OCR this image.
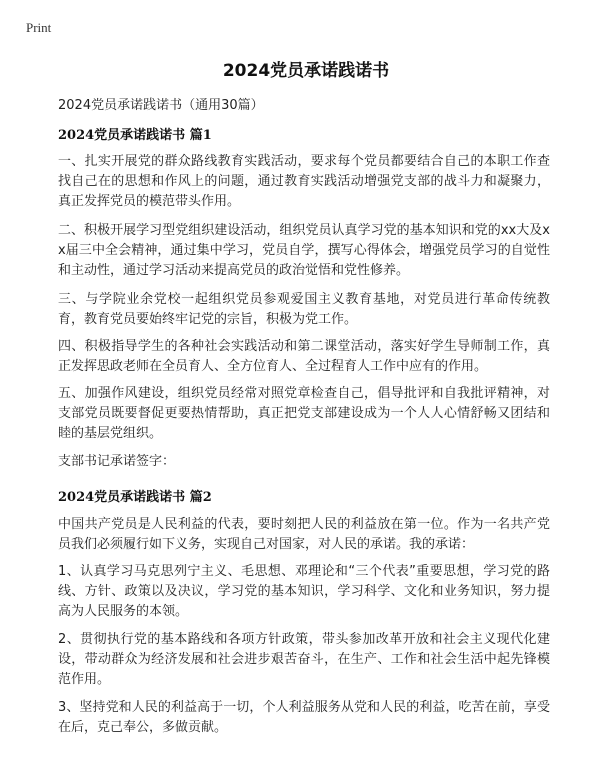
Print
2024党员承诺践诺书

2024党员承诺践诺书（通用30篇）

2024党员承诺践诺书 篇1

一、扎实开展党的群众路线教育实践活动，要求每个党员都要结合自己的本职工作查找自己在的思想和作风上的问题，通过教育实践活动增强党支部的战斗力和凝聚力，真正发挥党员的模范带头作用。

二、积极开展学习型党组织建设活动，组织党员认真学习党的基本知识和党的xx大及xx届三中全会精神，通过集中学习，党员自学，撰写心得体会，增强党员学习的自觉性和主动性，通过学习活动来提高党员的政治觉悟和党性修养。

三、与学院业余党校一起组织党员参观爱国主义教育基地，对党员进行革命传统教育，教育党员要始终牢记党的宗旨，积极为党工作。

四、积极指导学生的各种社会实践活动和第二课堂活动，落实好学生导师制工作，真正发挥思政老师在全员育人、全方位育人、全过程育人工作中应有的作用。

五、加强作风建设，组织党员经常对照党章检查自己，倡导批评和自我批评精神，对支部党员既要督促更要热情帮助，真正把党支部建设成为一个人人心情舒畅又团结和睦的基层党组织。

支部书记承诺签字：

2024党员承诺践诺书 篇2

中国共产党员是人民利益的代表，要时刻把人民的利益放在第一位。作为一名共产党员我们必须履行如下义务，实现自己对国家，对人民的承诺。我的承诺：

1、认真学习马克思列宁主义、毛思想、邓理论和“三个代表”重要思想，学习党的路线、方针、政策以及决议，学习党的基本知识，学习科学、文化和业务知识，努力提高为人民服务的本领。

2、贯彻执行党的基本路线和各项方针政策，带头参加改革开放和社会主义现代化建设，带动群众为经济发展和社会进步艰苦奋斗，在生产、工作和社会生活中起先锋模范作用。

3、坚持党和人民的利益高于一切，个人利益服务从党和人民的利益，吃苦在前，享受在后，克己奉公，多做贡献。
